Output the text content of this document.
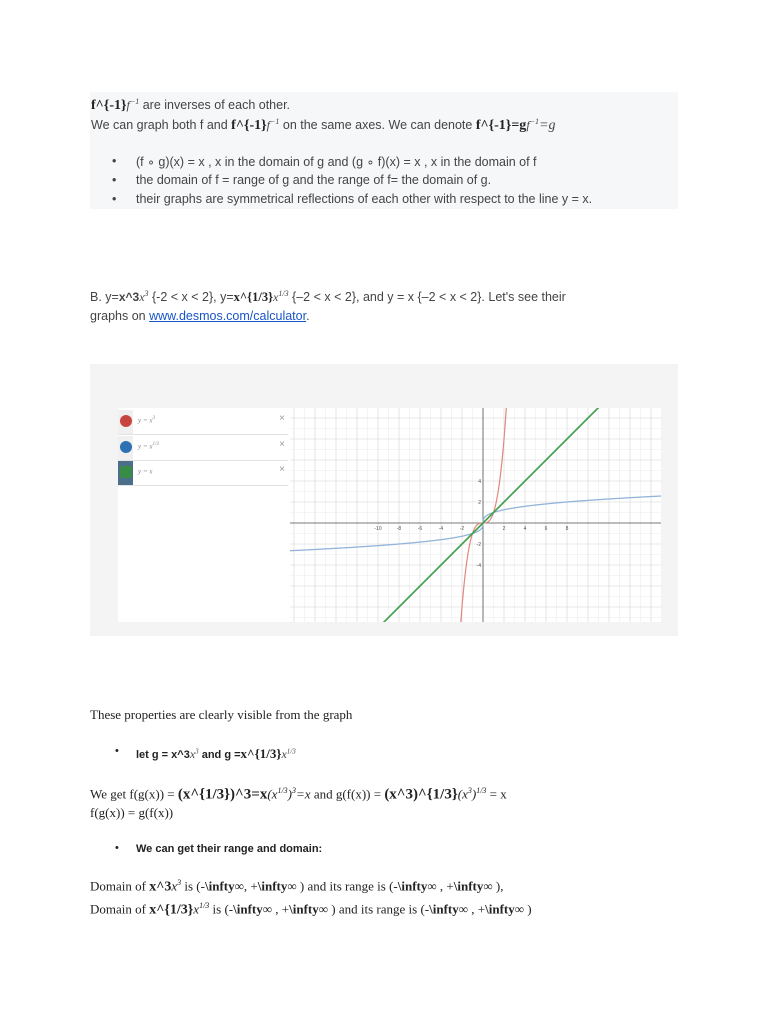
$f\^{}\{-1\}f^{-1}$ are inverses of each other.
We can graph both f and $f\^{}\{-1\}f^{-1}$ on the same axes. We can denote $f\^{}\{-1\}=gf^{-1}=g$
• (f ∘ g)(x) = x , x in the domain of g and (g ∘ f)(x) = x , x in the domain of f
• the domain of f = range of g and the range of f= the domain of g.
• their graphs are symmetrical reflections of each other with respect to the line y = x.
B. $y=x\^{}3x^3$ {-2 < x < 2}, $y=x\^{}\{1/3\}x^{1/3}$ {–2 < x < 2}, and y = x {–2 < x < 2}. Let's see their
graphs on www.desmos.com/calculator.
$y = x^3$	×
$y = x^{1/3}$	×
y = x	×
-10	-8	-6	-4	-2	2	4	6	8
4
2
-2
-4
These properties are clearly visible from the graph
• let $g = x\^{}3x^3$ and $g =x\^{}\{1/3\}x^{1/3}$
We get $f(g(x)) = (x\^{}\{1/3\})\^{}3=x(x^{1/3})^3=x$ and $g(f(x)) = (x\^{}3)\^{}\{1/3\}(x^3)^{1/3} = x$
f(g(x)) = g(f(x))
• We can get their range and domain:
Domain of $x\^{}3x^3$ is (-\infty∞, +\infty∞ ) and its range is (-\infty∞ , +\infty∞ ),
Domain of $x\^{}\{1/3\}x^{1/3}$ is (-\infty∞ , +\infty∞ ) and its range is (-\infty∞ , +\infty∞ )
